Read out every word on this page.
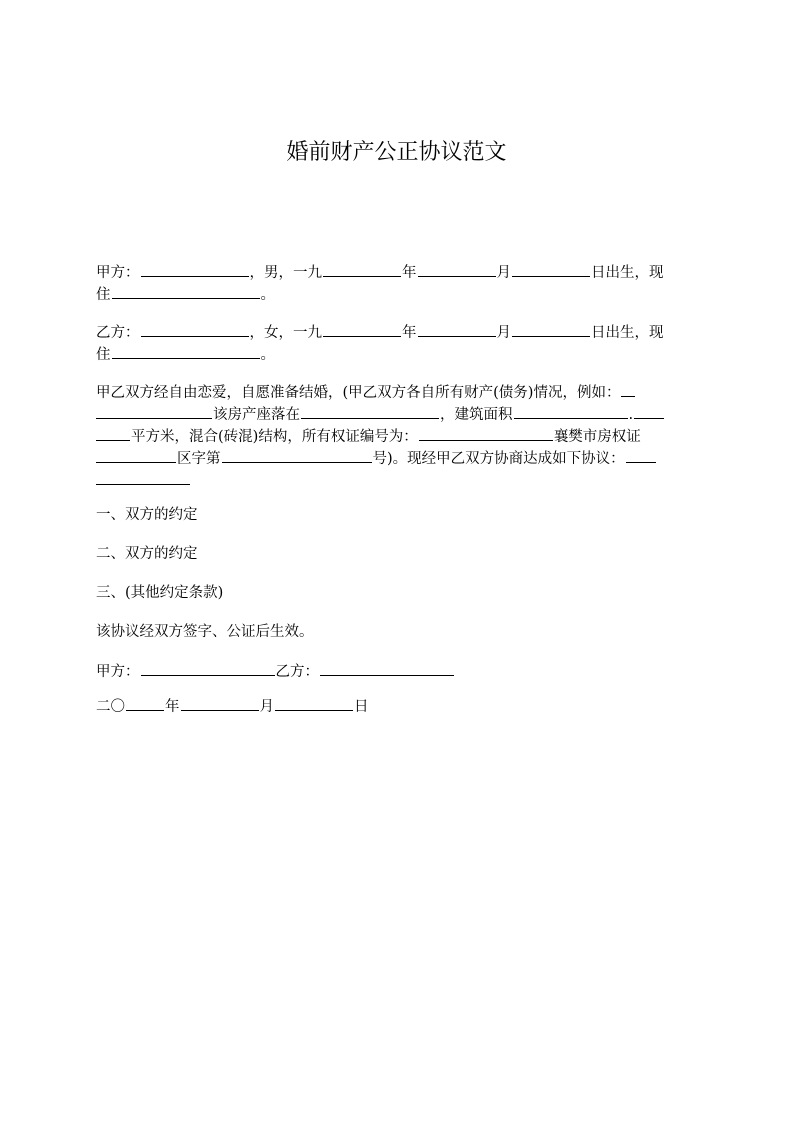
婚前财产公正协议范文
甲方：	，男，一九	年	月	日出生，现
住	。
乙方：	，女，一九	年	月	日出生，现
住	。
甲乙双方经自由恋爱，自愿准备结婚，(甲乙双方各自所有财产(债务)情况，例如：
该房产座落在	，建筑面积	.
平方米，混合(砖混)结构，所有权证编号为：	襄樊市房权证
区字第	号)。现经甲乙双方协商达成如下协议：
一、双方的约定
二、双方的约定
三、(其他约定条款)
该协议经双方签字、公证后生效。
甲方：	乙方：
二〇	年	月	日
